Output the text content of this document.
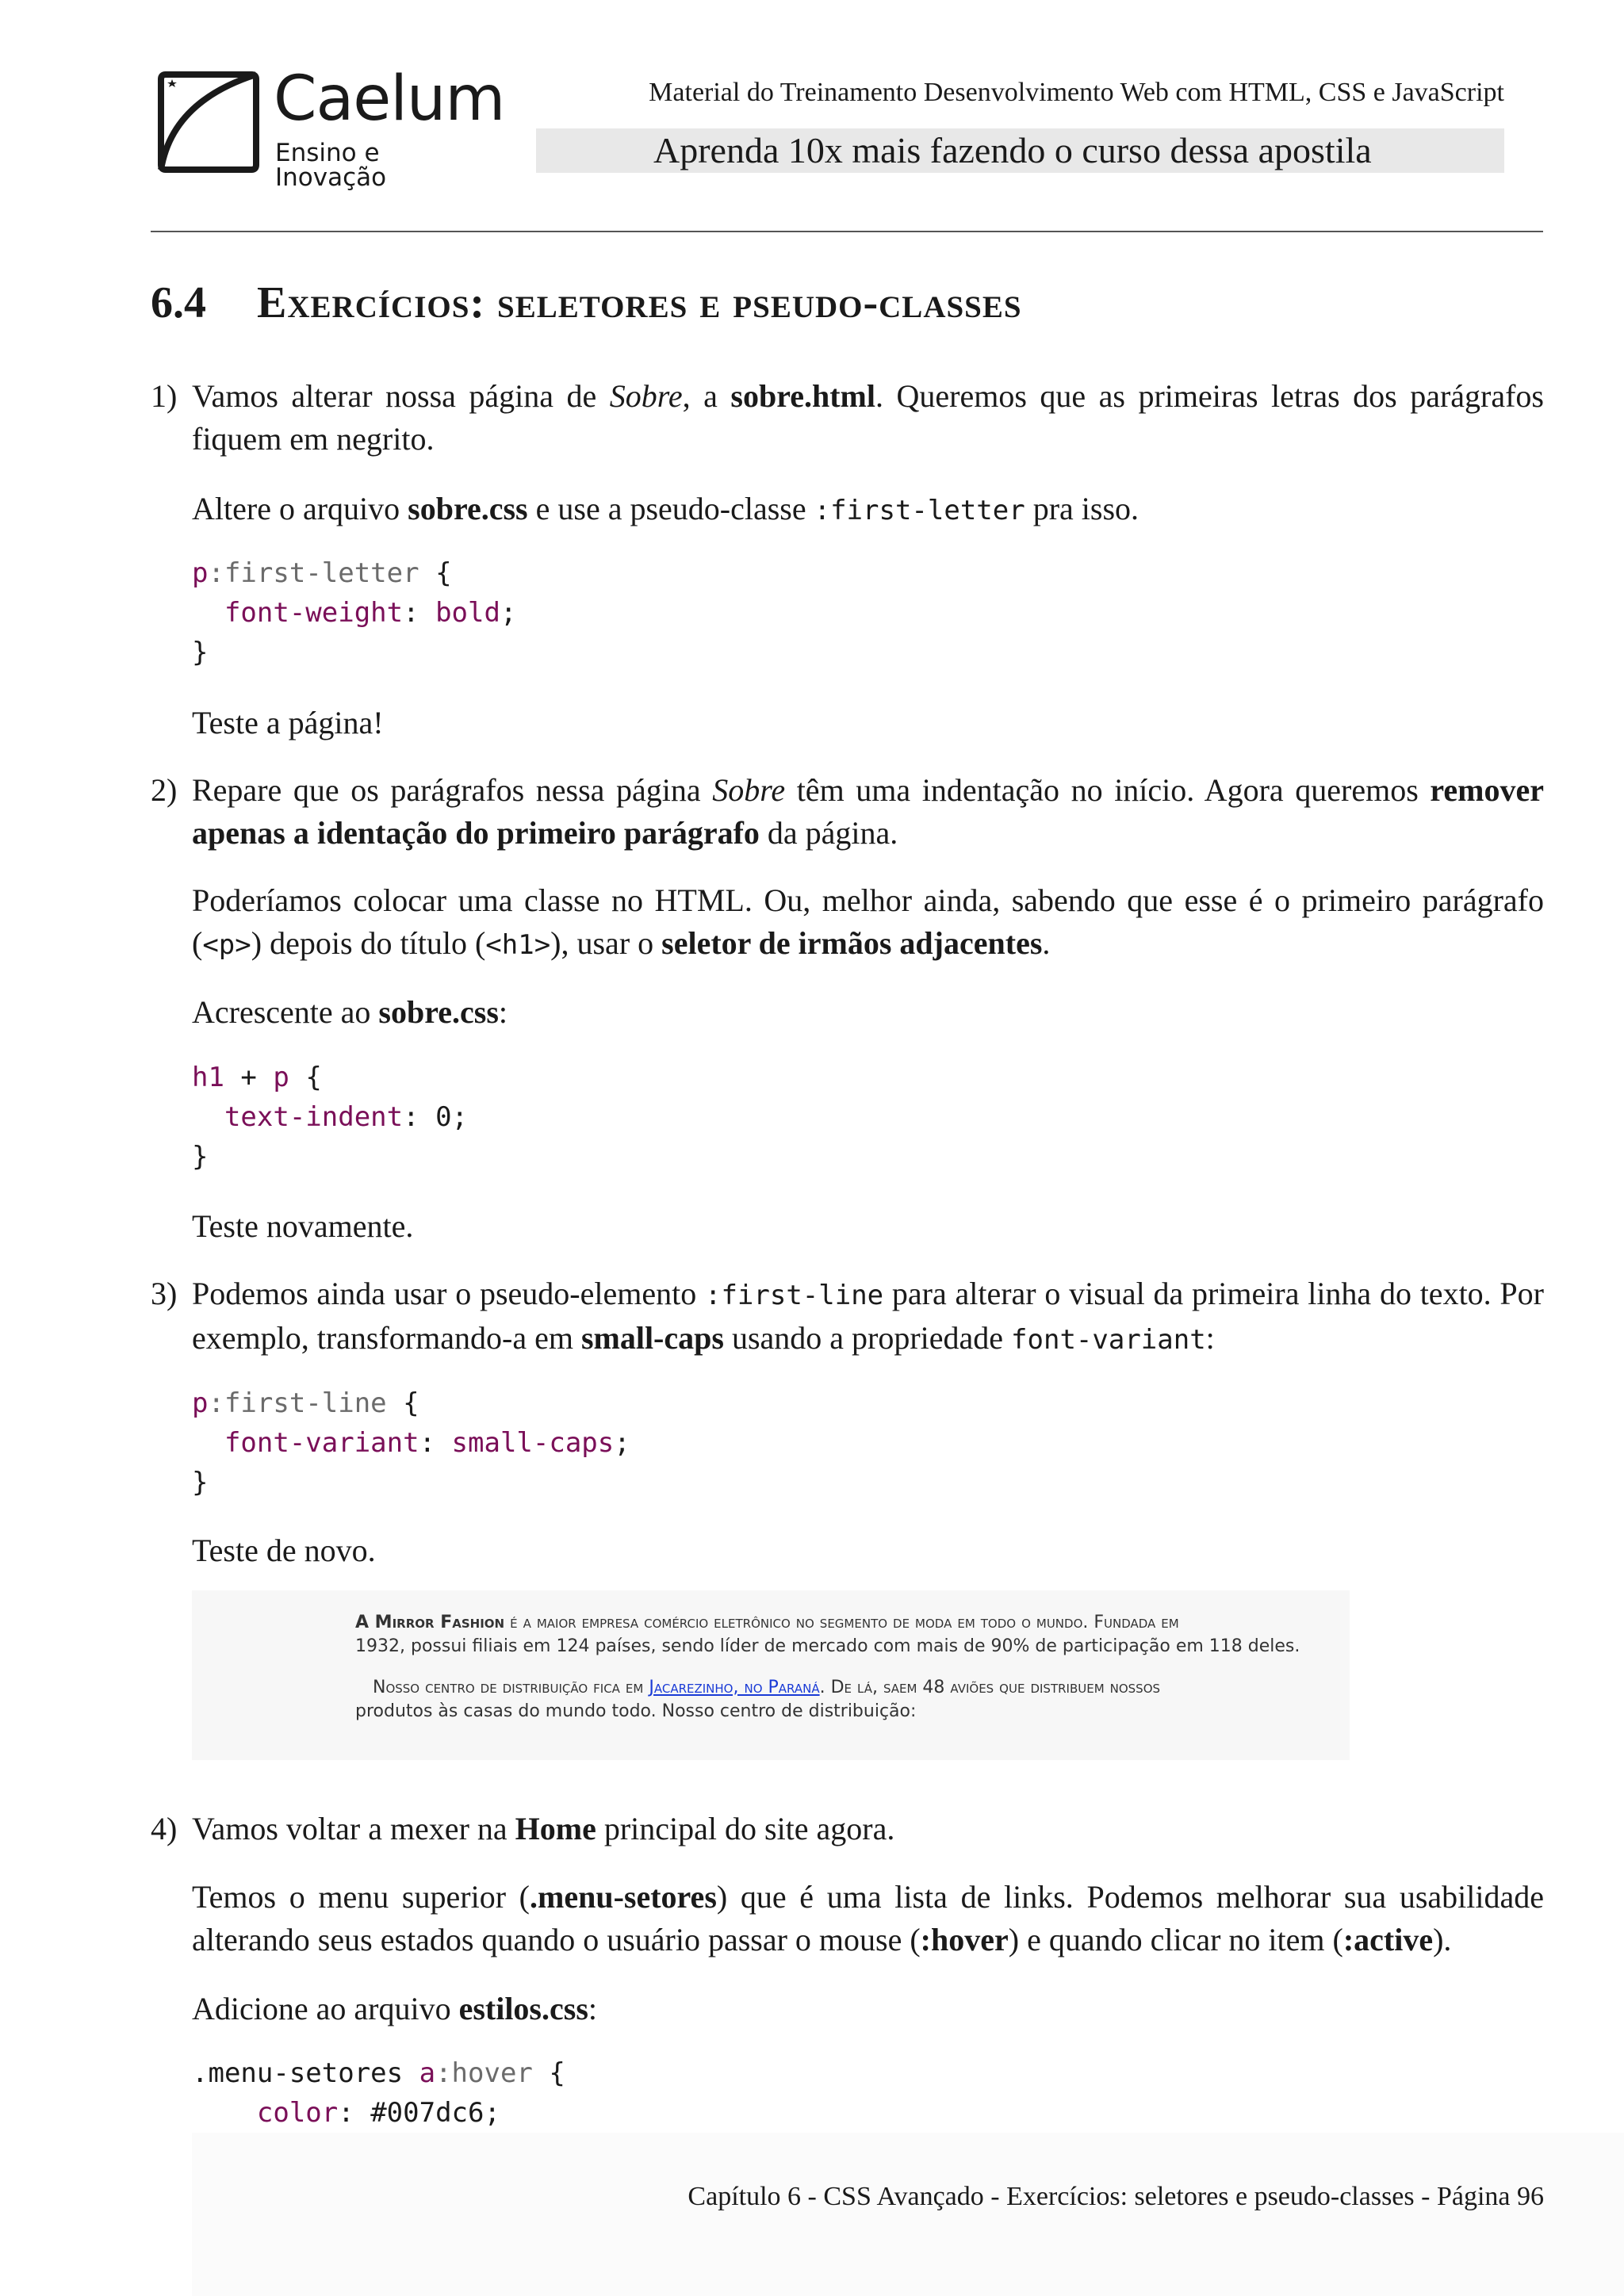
Caelum
Ensino e Inovação
Material do Treinamento Desenvolvimento Web com HTML, CSS e JavaScript
Aprenda 10x mais fazendo o curso dessa apostila
6.4 Exercícios: seletores e pseudo-classes
1) Vamos alterar nossa página de Sobre, a sobre.html. Queremos que as primeiras letras dos parágrafos fiquem em negrito.
Altere o arquivo sobre.css e use a pseudo-classe :first-letter pra isso.
p:first-letter {
font-weight: bold;
}
Teste a página!
2) Repare que os parágrafos nessa página Sobre têm uma indentação no início. Agora queremos remover apenas a identação do primeiro parágrafo da página.
Poderíamos colocar uma classe no HTML. Ou, melhor ainda, sabendo que esse é o primeiro parágrafo (<p>) depois do título (<h1>), usar o seletor de irmãos adjacentes.
Acrescente ao sobre.css:
h1 + p {
text-indent: 0;
}
Teste novamente.
3) Podemos ainda usar o pseudo-elemento :first-line para alterar o visual da primeira linha do texto. Por exemplo, transformando-a em small-caps usando a propriedade font-variant:
p:first-line {
font-variant: small-caps;
}
Teste de novo.
A Mirror Fashion é a maior empresa comércio eletrônico no segmento de moda em todo o mundo. Fundada em
1932, possui filiais em 124 países, sendo líder de mercado com mais de 90% de participação em 118 deles.
Nosso centro de distribuição fica em Jacarezinho, no Paraná. De lá, saem 48 aviões que distribuem nossos
produtos às casas do mundo todo. Nosso centro de distribuição:
4) Vamos voltar a mexer na Home principal do site agora.
Temos o menu superior (.menu-setores) que é uma lista de links. Podemos melhorar sua usabilidade alterando seus estados quando o usuário passar o mouse (:hover) e quando clicar no item (:active).
Adicione ao arquivo estilos.css:
.menu-setores a:hover {
color: #007dc6;
Capítulo 6 - CSS Avançado - Exercícios: seletores e pseudo-classes - Página 96
